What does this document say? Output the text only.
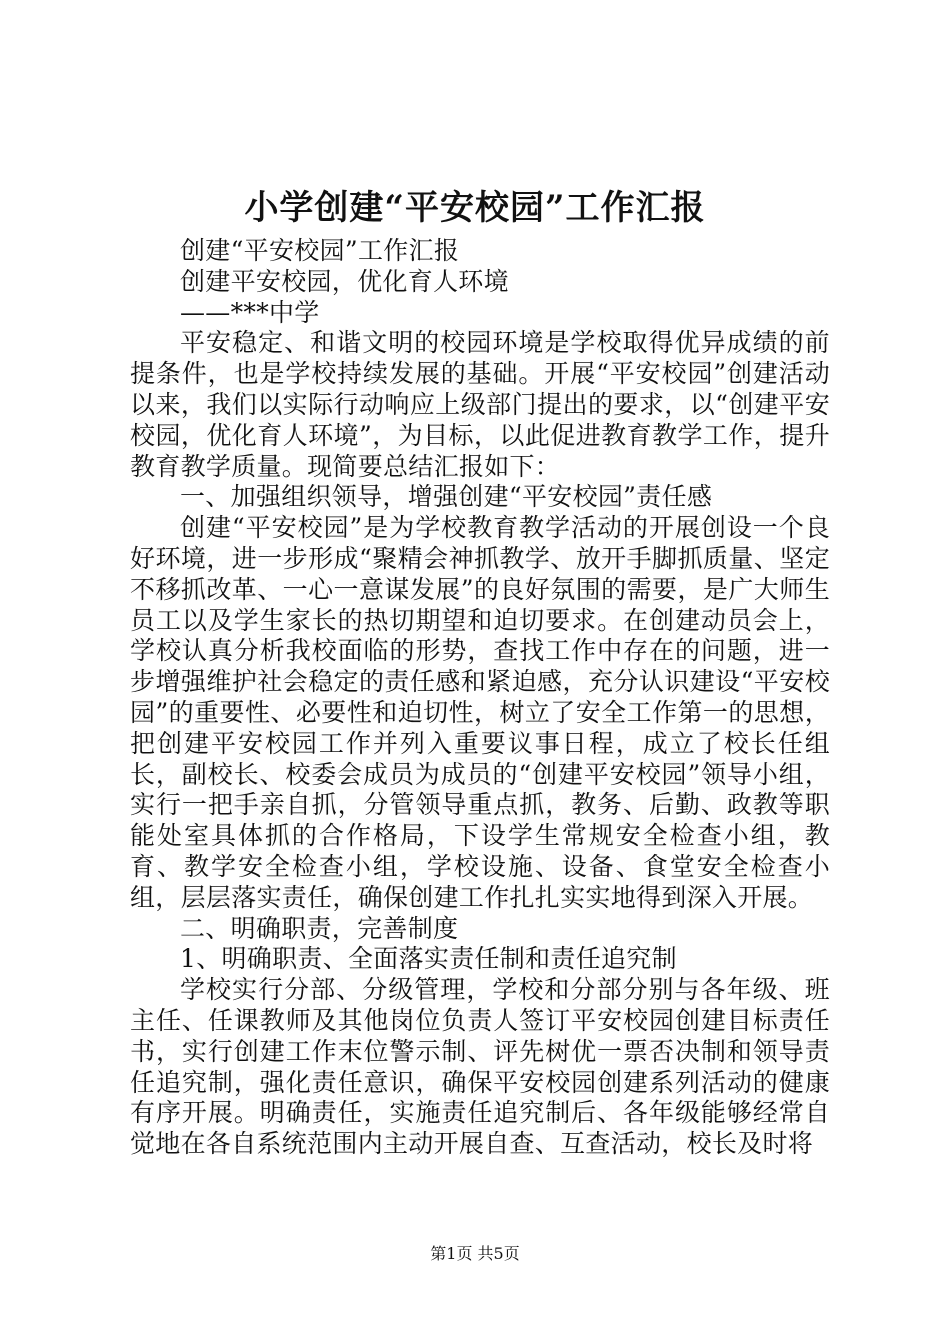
小学创建“平安校园”工作汇报

创建“平安校园”工作汇报

创建平安校园，优化育人环境

——***中学

平安稳定、和谐文明的校园环境是学校取得优异成绩的前提条件，也是学校持续发展的基础。开展“平安校园”创建活动以来，我们以实际行动响应上级部门提出的要求，以“创建平安校园，优化育人环境”，为目标，以此促进教育教学工作，提升教育教学质量。现简要总结汇报如下：

一、加强组织领导，增强创建“平安校园”责任感

创建“平安校园”是为学校教育教学活动的开展创设一个良好环境，进一步形成“聚精会神抓教学、放开手脚抓质量、坚定不移抓改革、一心一意谋发展”的良好氛围的需要，是广大师生员工以及学生家长的热切期望和迫切要求。在创建动员会上，学校认真分析我校面临的形势，查找工作中存在的问题，进一步增强维护社会稳定的责任感和紧迫感，充分认识建设“平安校园”的重要性、必要性和迫切性，树立了安全工作第一的思想，把创建平安校园工作并列入重要议事日程，成立了校长任组长，副校长、校委会成员为成员的“创建平安校园”领导小组，实行一把手亲自抓，分管领导重点抓，教务、后勤、政教等职能处室具体抓的合作格局，下设学生常规安全检查小组，教育、教学安全检查小组，学校设施、设备、食堂安全检查小组，层层落实责任，确保创建工作扎扎实实地得到深入开展。

二、明确职责，完善制度

1、明确职责、全面落实责任制和责任追究制

学校实行分部、分级管理，学校和分部分别与各年级、班主任、任课教师及其他岗位负责人签订平安校园创建目标责任书，实行创建工作末位警示制、评先树优一票否决制和领导责任追究制，强化责任意识，确保平安校园创建系列活动的健康有序开展。明确责任，实施责任追究制后、各年级能够经常自觉地在各自系统范围内主动开展自查、互查活动，校长及时将

第1页 共5页
